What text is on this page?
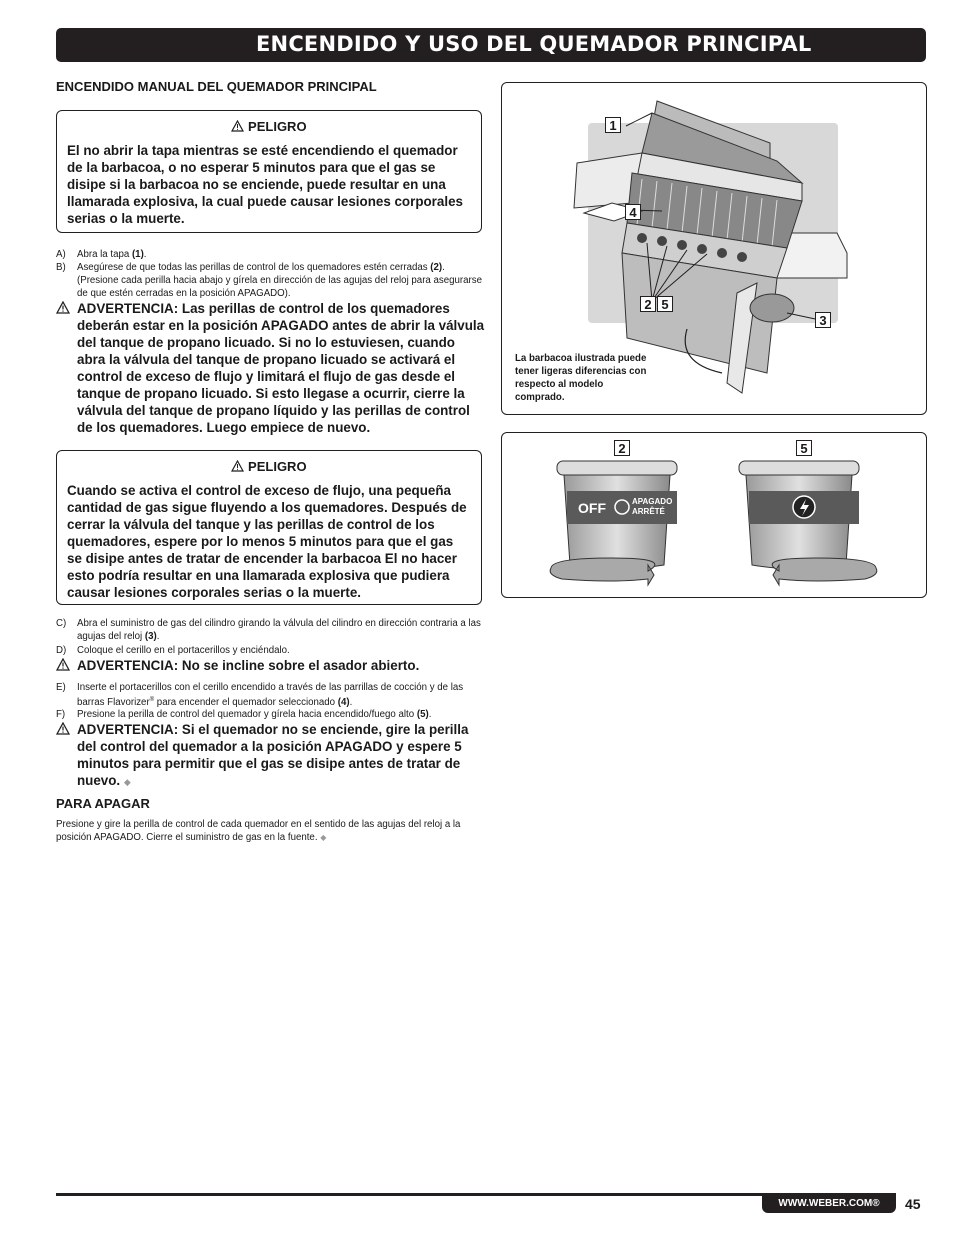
ENCENDIDO Y USO DEL QUEMADOR PRINCIPAL
ENCENDIDO MANUAL DEL QUEMADOR PRINCIPAL
PELIGRO
El no abrir la tapa mientras se esté encendiendo el quemador de la barbacoa, o no esperar 5 minutos para que el gas se disipe si la barbacoa no se enciende, puede resultar en una llamarada explosiva, la cual puede causar lesiones corporales serias o la muerte.
A) Abra la tapa (1).
B) Asegúrese de que todas las perillas de control de los quemadores estén cerradas (2). (Presione cada perilla hacia abajo y gírela en dirección de las agujas del reloj para asegurarse de que estén cerradas en la posición APAGADO).
ADVERTENCIA: Las perillas de control de los quemadores deberán estar en la posición APAGADO antes de abrir la válvula del tanque de propano licuado. Si no lo estuviesen, cuando abra la válvula del tanque de propano licuado se activará el control de exceso de flujo y limitará el flujo de gas desde el tanque de propano licuado. Si esto llegase a ocurrir, cierre la válvula del tanque de propano líquido y las perillas de control de los quemadores. Luego empiece de nuevo.
PELIGRO
Cuando se activa el control de exceso de flujo, una pequeña cantidad de gas sigue fluyendo a los quemadores. Después de cerrar la válvula del tanque y las perillas de control de los quemadores, espere por lo menos 5 minutos para que el gas se disipe antes de tratar de encender la barbacoa El no hacer esto podría resultar en una llamarada explosiva que pudiera causar lesiones corporales serias o la muerte.
C) Abra el suministro de gas del cilindro girando la válvula del cilindro en dirección contraria a las agujas del reloj (3).
D) Coloque el cerillo en el portacerillos y enciéndalo.
ADVERTENCIA: No se incline sobre el asador abierto.
E) Inserte el portacerillos con el cerillo encendido a través de las parrillas de cocción y de las barras Flavorizer® para encender el quemador seleccionado (4).
F) Presione la perilla de control del quemador y gírela hacia encendido/fuego alto (5).
ADVERTENCIA: Si el quemador no se enciende, gire la perilla del control del quemador a la posición APAGADO y espere 5 minutos para permitir que el gas se disipe antes de tratar de nuevo. ◆
PARA APAGAR
Presione y gire la perilla de control de cada quemador en el sentido de las agujas del reloj a la posición APAGADO. Cierre el suministro de gas en la fuente. ◆
1
4
2 5
3
La barbacoa ilustrada puede tener ligeras diferencias con respecto al modelo comprado.
2	5
OFF	APAGADO
ARRÊTÉ
WWW.WEBER.COM®	45
